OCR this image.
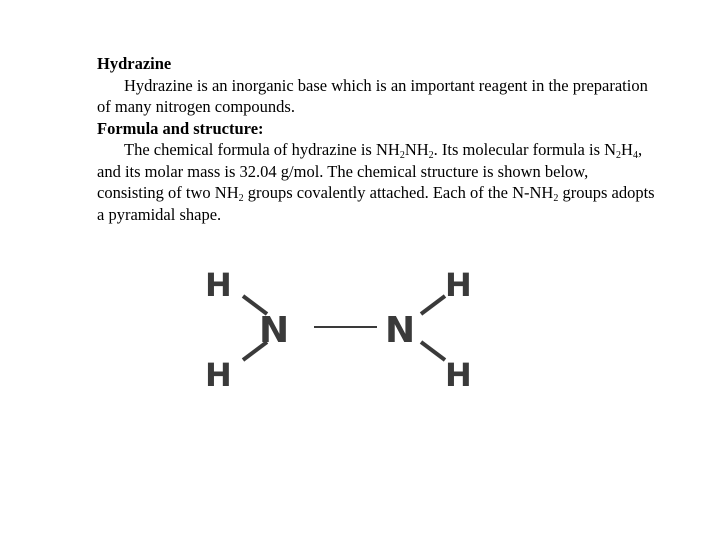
Hydrazine
Hydrazine is an inorganic base which is an important reagent in the preparation of many nitrogen compounds.
Formula and structure:
The chemical formula of hydrazine is $NH_2NH_2$. Its molecular formula is $N_2H_4$, and its molar mass is 32.04 g/mol. The chemical structure is shown below, consisting of two $NH_2$ groups covalently attached. Each of the $N-NH_2$ groups adopts a pyramidal shape.
H
H
N	N
H
H
